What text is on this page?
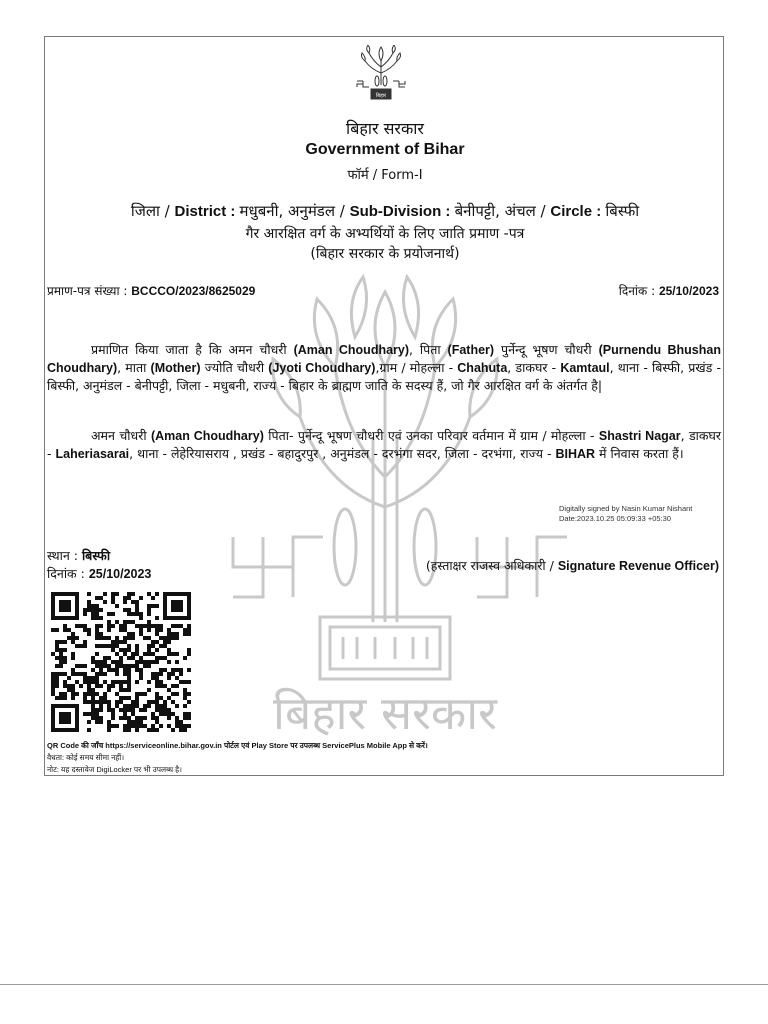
बिहार सरकार
बिहार
बिहार सरकार
Government of Bihar
फॉर्म / Form-I
जिला / District : मधुबनी, अनुमंडल / Sub-Division : बेनीपट्टी, अंचल / Circle : बिस्फी
गैर आरक्षित वर्ग के अभ्यर्थियों के लिए जाति प्रमाण -पत्र
(बिहार सरकार के प्रयोजनार्थ)
प्रमाण-पत्र संख्या : BCCCO/2023/8625029	दिनांक : 25/10/2023
प्रमाणित किया जाता है कि अमन चौधरी (Aman Choudhary), पिता (Father) पुर्नेन्दू भूषण चौधरी (Purnendu Bhushan Choudhary), माता (Mother) ज्योति चौधरी (Jyoti Choudhary),ग्राम / मोहल्ला - Chahuta, डाकघर - Kamtaul, थाना - बिस्फी, प्रखंड - बिस्फी, अनुमंडल - बेनीपट्टी, जिला - मधुबनी, राज्य - बिहार के ब्राह्मण जाति के सदस्य हैं, जो गैर आरक्षित वर्ग के अंतर्गत है|
अमन चौधरी (Aman Choudhary) पिता- पुर्नेन्दू भूषण चौधरी एवं उनका परिवार वर्तमान में ग्राम / मोहल्ला - Shastri Nagar, डाकघर - Laheriasarai, थाना - लेहेरियासराय , प्रखंड - बहादुरपुर , अनुमंडल - दरभंगा सदर, जिला - दरभंगा, राज्य - BIHAR में निवास करता हैं।
Digitally signed by Nasin Kumar Nishant
Date:2023.10.25 05:09:33 +05:30
स्थान : बिस्फी
दिनांक : 25/10/2023
(हस्ताक्षर राजस्व अधिकारी / Signature Revenue Officer)
QR Code की जाँच https://serviceonline.bihar.gov.in पोर्टल एवं Play Store पर उपलब्ध ServicePlus Mobile App से करें।
वैधता: कोई समय सीमा नहीं।
नोट: यह दस्तावेज DigiLocker पर भी उपलब्ध है।
